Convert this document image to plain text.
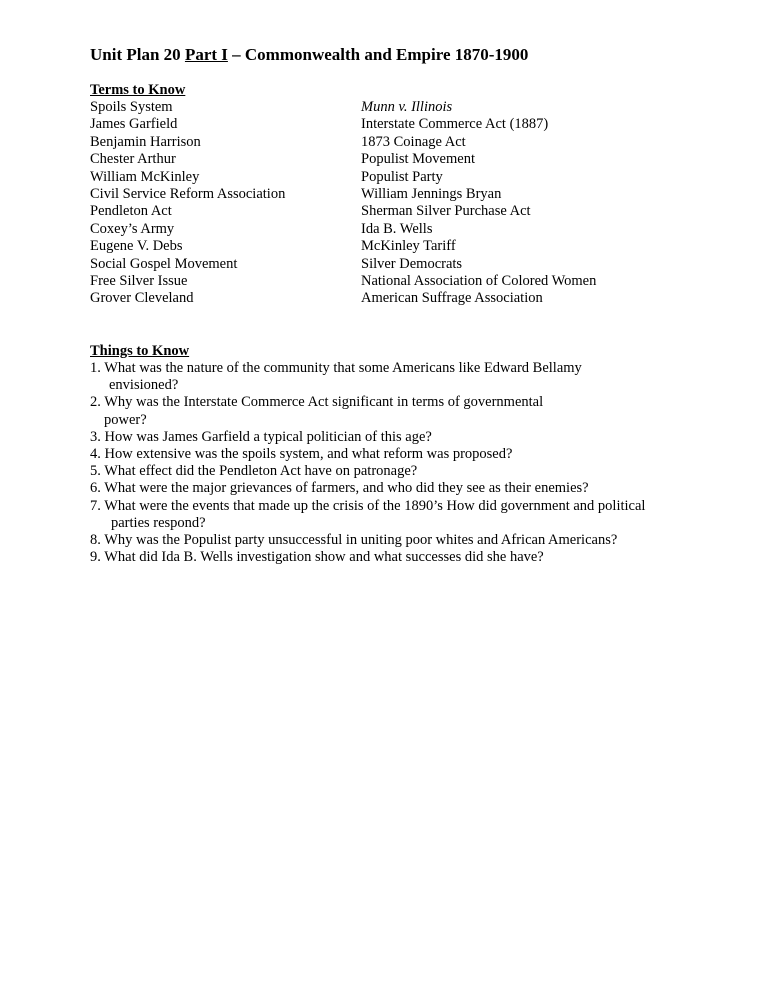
Unit Plan 20 Part I – Commonwealth and Empire 1870-1900
Terms to Know
Spoils System	Munn v. Illinois
James Garfield	Interstate Commerce Act (1887)
Benjamin Harrison	1873 Coinage Act
Chester Arthur	Populist Movement
William McKinley	Populist Party
Civil Service Reform Association	William Jennings Bryan
Pendleton Act	Sherman Silver Purchase Act
Coxey’s Army	Ida B. Wells
Eugene V. Debs	McKinley Tariff
Social Gospel Movement	Silver Democrats
Free Silver Issue	National Association of Colored Women
Grover Cleveland	American Suffrage Association
Things to Know
1. What was the nature of the community that some Americans like Edward Bellamy
envisioned?
2. Why was the Interstate Commerce Act significant in terms of governmental
power?
3. How was James Garfield a typical politician of this age?
4. How extensive was the spoils system, and what reform was proposed?
5. What effect did the Pendleton Act have on patronage?
6. What were the major grievances of farmers, and who did they see as their enemies?
7. What were the events that made up the crisis of the 1890’s How did government and political
parties respond?
8. Why was the Populist party unsuccessful in uniting poor whites and African Americans?
9. What did Ida B. Wells investigation show and what successes did she have?
